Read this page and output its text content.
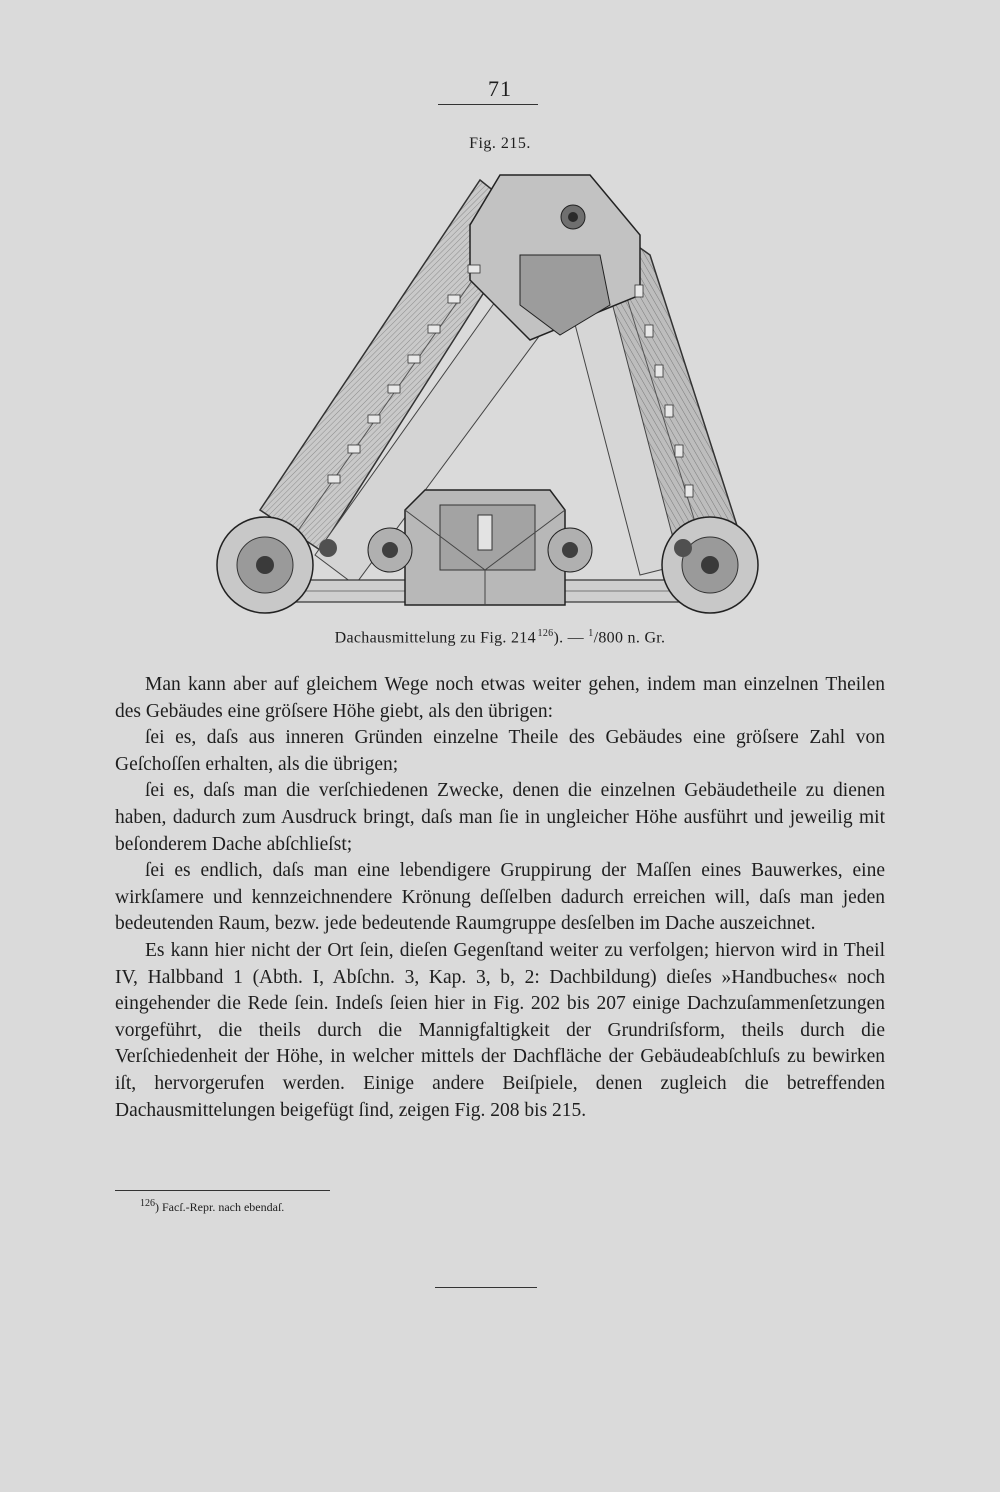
71
Fig. 215.
Dachausmittelung zu Fig. 214  $^{126}$). — $^1$/800 n. Gr.

Man kann aber auf gleichem Wege noch etwas weiter gehen, indem man einzelnen Theilen des Gebäudes eine gröſsere Höhe giebt, als den übrigen:

ſei es, daſs aus inneren Gründen einzelne Theile des Gebäudes eine gröſsere Zahl von Geſchoſſen erhalten, als die übrigen;

ſei es, daſs man die verſchiedenen Zwecke, denen die einzelnen Gebäudetheile zu dienen haben, dadurch zum Ausdruck bringt, daſs man ſie in ungleicher Höhe ausführt und jeweilig mit beſonderem Dache abſchlieſst;

ſei es endlich, daſs man eine lebendigere Gruppirung der Maſſen eines Bauwerkes, eine wirkſamere und kennzeichnendere Krönung deſſelben dadurch erreichen will, daſs man jeden bedeutenden Raum, bezw. jede bedeutende Raumgruppe desſelben im Dache auszeichnet.

Es kann hier nicht der Ort ſein, dieſen Gegenſtand weiter zu verfolgen; hiervon wird in Theil IV, Halbband 1 (Abth. I, Abſchn. 3, Kap. 3, b, 2: Dachbildung) dieſes »Handbuches« noch eingehender die Rede ſein. Indeſs ſeien hier in Fig. 202 bis 207 einige Dachzuſammenſetzungen vorgeführt, die theils durch die Mannigfaltigkeit der Grundriſsform, theils durch die Verſchiedenheit der Höhe, in welcher mittels der Dachfläche der Gebäudeabſchluſs zu bewirken iſt, hervorgerufen werden. Einige andere Beiſpiele, denen zugleich die betreffenden Dachausmittelungen beigefügt ſind, zeigen Fig. 208 bis 215.

$^{126}$) Facſ.-Repr. nach ebendaſ.
